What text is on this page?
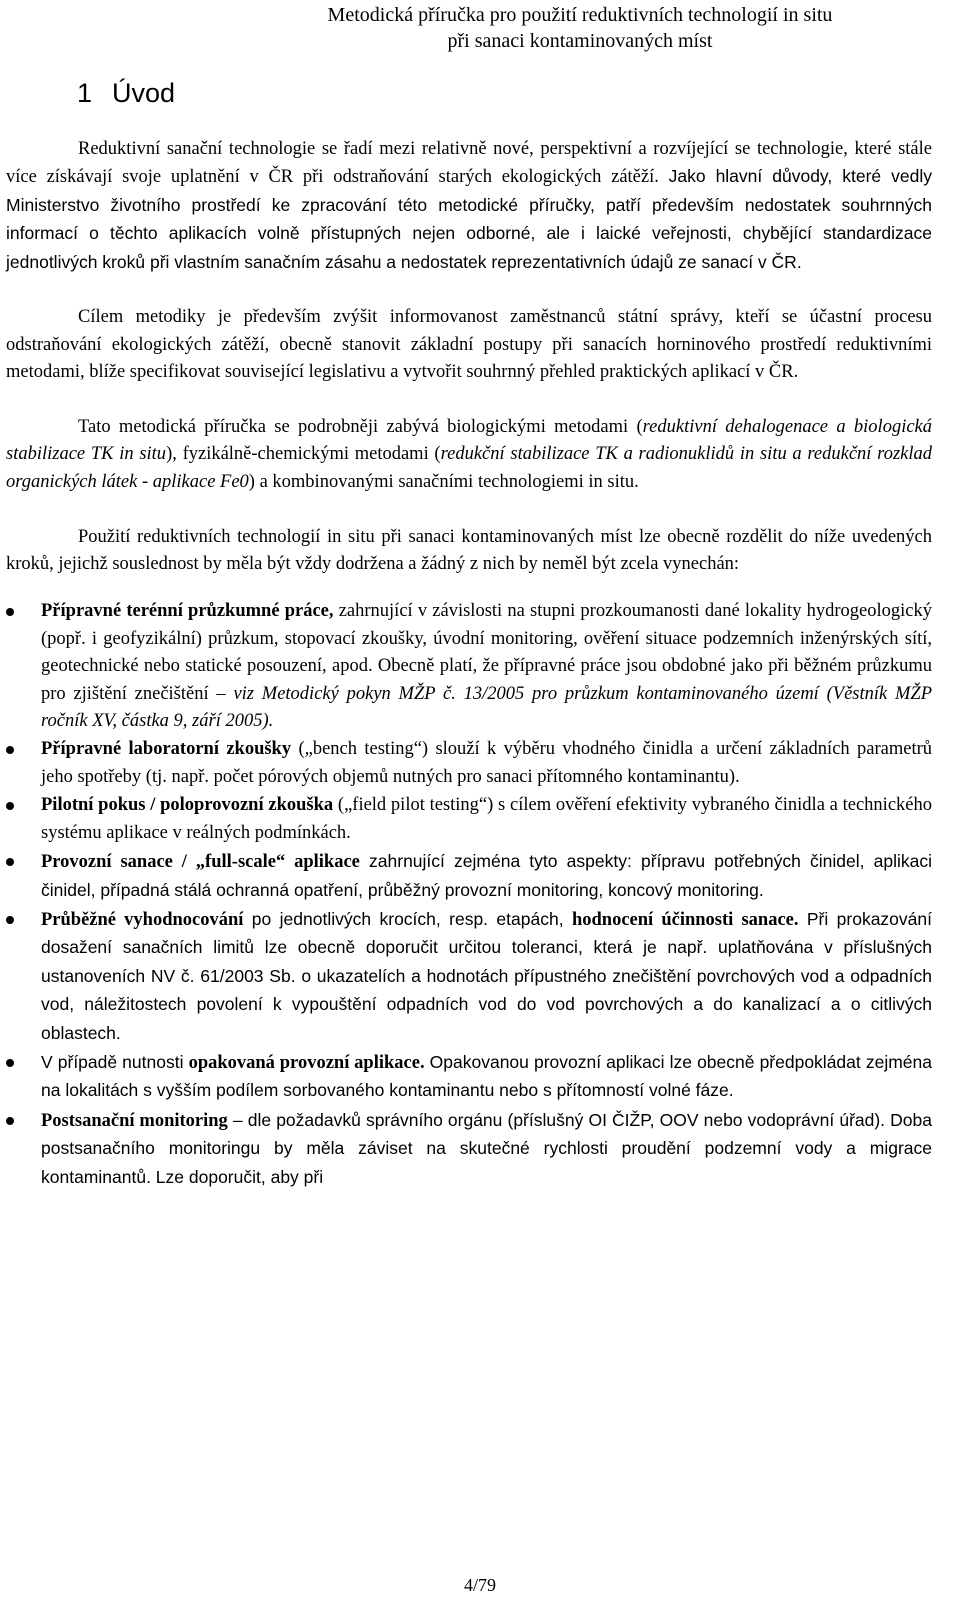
Metodická příručka pro použití reduktivních technologií in situ
při sanaci kontaminovaných míst
1 Úvod

Reduktivní sanační technologie se řadí mezi relativně nové, perspektivní a rozvíjející se technologie, které stále více získávají svoje uplatnění v ČR při odstraňování starých ekologických zátěží. Jako hlavní důvody, které vedly Ministerstvo životního prostředí ke zpracování této metodické příručky, patří především nedostatek souhrnných informací o těchto aplikacích volně přístupných nejen odborné, ale i laické veřejnosti, chybějící standardizace jednotlivých kroků při vlastním sanačním zásahu a nedostatek reprezentativních údajů ze sanací v ČR.

Cílem metodiky je především zvýšit informovanost zaměstnanců státní správy, kteří se účastní procesu odstraňování ekologických zátěží, obecně stanovit základní postupy při sanacích horninového prostředí reduktivními metodami, blíže specifikovat související legislativu a vytvořit souhrnný přehled praktických aplikací v ČR.

Tato metodická příručka se podrobněji zabývá biologickými metodami (reduktivní dehalogenace a biologická stabilizace TK in situ), fyzikálně-chemickými metodami (redukční stabilizace TK a radionuklidů in situ a redukční rozklad organických látek - aplikace Fe0) a kombinovanými sanačními technologiemi in situ.

Použití reduktivních technologií in situ při sanaci kontaminovaných míst lze obecně rozdělit do níže uvedených kroků, jejichž souslednost by měla být vždy dodržena a žádný z nich by neměl být zcela vynechán:

Přípravné terénní průzkumné práce, zahrnující v závislosti na stupni prozkoumanosti dané lokality hydrogeologický (popř. i geofyzikální) průzkum, stopovací zkoušky, úvodní monitoring, ověření situace podzemních inženýrských sítí, geotechnické nebo statické posouzení, apod. Obecně platí, že přípravné práce jsou obdobné jako při běžném průzkumu pro zjištění znečištění – viz Metodický pokyn MŽP č. 13/2005 pro průzkum kontaminovaného území (Věstník MŽP ročník XV, částka 9, září 2005).
Přípravné laboratorní zkoušky („bench testing“) slouží k výběru vhodného činidla a určení základních parametrů jeho spotřeby (tj. např. počet pórových objemů nutných pro sanaci přítomného kontaminantu).
Pilotní pokus / poloprovozní zkouška („field pilot testing“) s cílem ověření efektivity vybraného činidla a technického systému aplikace v reálných podmínkách.
Provozní sanace / „full-scale“ aplikace zahrnující zejména tyto aspekty: přípravu potřebných činidel, aplikaci činidel, případná stálá ochranná opatření, průběžný provozní monitoring, koncový monitoring.
Průběžné vyhodnocování po jednotlivých krocích, resp. etapách, hodnocení účinnosti sanace. Při prokazování dosažení sanačních limitů lze obecně doporučit určitou toleranci, která je např. uplatňována v příslušných ustanoveních NV č. 61/2003 Sb. o ukazatelích a hodnotách přípustného znečištění povrchových vod a odpadních vod, náležitostech povolení k vypouštění odpadních vod do vod povrchových a do kanalizací a o citlivých oblastech.
V případě nutnosti opakovaná provozní aplikace. Opakovanou provozní aplikaci lze obecně předpokládat zejména na lokalitách s vyšším podílem sorbovaného kontaminantu nebo s přítomností volné fáze.
Postsanační monitoring – dle požadavků správního orgánu (příslušný OI ČIŽP, OOV nebo vodoprávní úřad). Doba postsanačního monitoringu by měla záviset na skutečné rychlosti proudění podzemní vody a migrace kontaminantů. Lze doporučit, aby při
4/79
